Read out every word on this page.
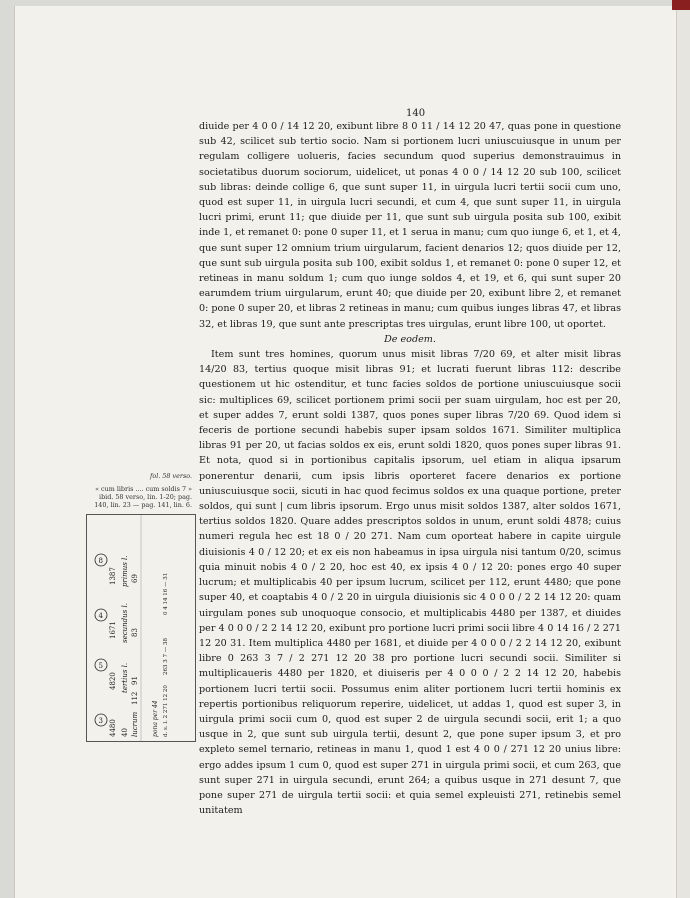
140
fol. 58 verso.
« cum libris .... cum soldis 7 » ibid. 58 verso, lin. 1-20; pag. 140, lin. 23 — pag. 141, lin. 6.
3
5
4
8
4480 40 lucrum
112
4820 tertius l. 91
1671 secundus l. 83
1387 primus l. 69
pona per 44 d. s. l. 2 271 12 20
263 3 7 — 38
0 4 14 16 — 31

diuide per 4 0 0 / 14 12 20, exibunt libre 8 0 11 / 14 12 20 47, quas pone in questione sub 42, scilicet sub tertio socio. Nam si portionem lucri uniuscuiusque in unum per regulam colligere uolueris, facies secundum quod superius demonstrauimus in societatibus duorum sociorum, uidelicet, ut ponas 4 0 0 / 14 12 20 sub 100, scilicet sub libras: deinde collige 6, que sunt super 11, in uirgula lucri tertii socii cum uno, quod est super 11, in uirgula lucri secundi, et cum 4, que sunt super 11, in uirgula lucri primi, erunt 11; que diuide per 11, que sunt sub uirgula posita sub 100, exibit inde 1, et remanet 0: pone 0 super 11, et 1 serua in manu; cum quo iunge 6, et 1, et 4, que sunt super 12 omnium trium uirgularum, facient denarios 12; quos diuide per 12, que sunt sub uirgula posita sub 100, exibit soldus 1, et remanet 0: pone 0 super 12, et retineas in manu soldum 1; cum quo iunge soldos 4, et 19, et 6, qui sunt super 20 earumdem trium uirgularum, erunt 40; que diuide per 20, exibunt libre 2, et remanet 0: pone 0 super 20, et libras 2 retineas in manu; cum quibus iunges libras 47, et libras 32, et libras 19, que sunt ante prescriptas tres uirgulas, erunt libre 100, ut oportet.

De eodem.

Item sunt tres homines, quorum unus misit libras 7/20 69, et alter misit libras 14/20 83, tertius quoque misit libras 91; et lucrati fuerunt libras 112: describe questionem ut hic ostenditur, et tunc facies soldos de portione uniuscuiusque socii sic: multiplices 69, scilicet portionem primi socii per suam uirgulam, hoc est per 20, et super addes 7, erunt soldi 1387, quos pones super libras 7/20 69. Quod idem si feceris de portione secundi habebis super ipsam soldos 1671. Similiter multiplica libras 91 per 20, ut facias soldos ex eis, erunt soldi 1820, quos pones super libras 91. Et nota, quod si in portionibus capitalis ipsorum, uel etiam in aliqua ipsarum ponerentur denarii, cum ipsis libris oporteret facere denarios ex portione uniuscuiusque socii, sicuti in hac quod fecimus soldos ex una quaque portione, preter soldos, qui sunt | cum libris ipsorum. Ergo unus misit soldos 1387, alter soldos 1671, tertius soldos 1820. Quare addes prescriptos soldos in unum, erunt soldi 4878; cuius numeri regula hec est 18 0 / 20 271. Nam cum oporteat habere in capite uirgule diuisionis 4 0 / 12 20; et ex eis non habeamus in ipsa uirgula nisi tantum 0/20, scimus quia minuit nobis 4 0 / 2 20, hoc est 40, ex ipsis 4 0 / 12 20: pones ergo 40 super lucrum; et multiplicabis 40 per ipsum lucrum, scilicet per 112, erunt 4480; que pone super 40, et coaptabis 4 0 / 2 20 in uirgula diuisionis sic 4 0 0 0 / 2 2 14 12 20: quam uirgulam pones sub unoquoque consocio, et multiplicabis 4480 per 1387, et diuides per 4 0 0 0 / 2 2 14 12 20, exibunt pro portione lucri primi socii libre 4 0 14 16 / 2 271 12 20 31. Item multiplica 4480 per 1681, et diuide per 4 0 0 0 / 2 2 14 12 20, exibunt libre 0 263 3 7 / 2 271 12 20 38 pro portione lucri secundi socii. Similiter si multiplicaueris 4480 per 1820, et diuiseris per 4 0 0 0 / 2 2 14 12 20, habebis portionem lucri tertii socii. Possumus enim aliter portionem lucri tertii hominis ex repertis portionibus reliquorum reperire, uidelicet, ut addas 1, quod est super 3, in uirgula primi socii cum 0, quod est super 2 de uirgula secundi socii, erit 1; a quo usque in 2, que sunt sub uirgula tertii, desunt 2, que pone super ipsum 3, et pro expleto semel ternario, retineas in manu 1, quod 1 est 4 0 0 / 271 12 20 unius libre: ergo addes ipsum 1 cum 0, quod est super 271 in uirgula primi socii, et cum 263, que sunt super 271 in uirgula secundi, erunt 264; a quibus usque in 271 desunt 7, que pone super 271 de uirgula tertii socii: et quia semel expleuisti 271, retinebis semel unitatem
